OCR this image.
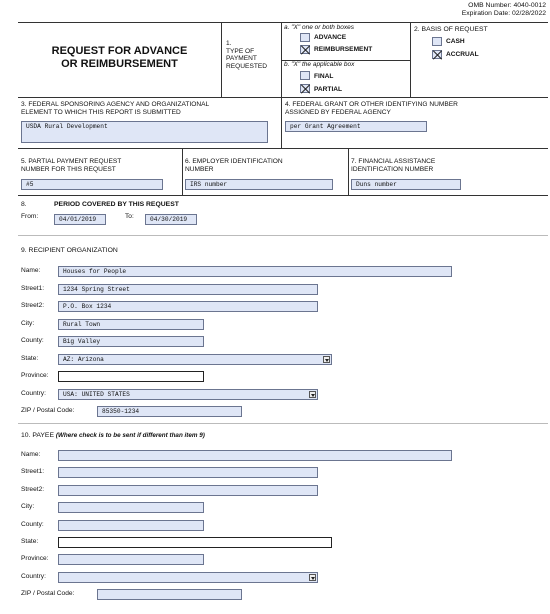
OMB Number: 4040-0012
Expiration Date: 02/28/2022
REQUEST FOR ADVANCE
OR REIMBURSEMENT
1.
TYPE OF
PAYMENT
REQUESTED
a. "X" one or both boxes
ADVANCE
REIMBURSEMENT
b. "X" the applicable box
FINAL
PARTIAL
2. BASIS OF REQUEST
CASH
ACCRUAL
3. FEDERAL SPONSORING AGENCY AND ORGANIZATIONAL
ELEMENT TO WHICH THIS REPORT IS SUBMITTED
USDA Rural Development
4. FEDERAL GRANT OR OTHER IDENTIFYING NUMBER
ASSIGNED BY FEDERAL AGENCY
per Grant Agreement
5. PARTIAL PAYMENT REQUEST
NUMBER FOR THIS REQUEST
#5
6. EMPLOYER IDENTIFICATION
NUMBER
IRS number
7. FINANCIAL ASSISTANCE
IDENTIFICATION NUMBER
Duns number
8.	PERIOD COVERED BY THIS REQUEST
From:	04/01/2019	To:	04/30/2019
9. RECIPIENT ORGANIZATION
Name:	Houses for People
Street1:	1234 Spring Street
Street2:	P.O. Box 1234
City:	Rural Town
County:	Big Valley
State:	AZ: Arizona
Province:
Country:	USA: UNITED STATES
ZIP / Postal Code:	85350-1234
10. PAYEE (Where check is to be sent if different than item 9)
Name:
Street1:
Street2:
City:
County:
State:
Province:
Country:
ZIP / Postal Code:
